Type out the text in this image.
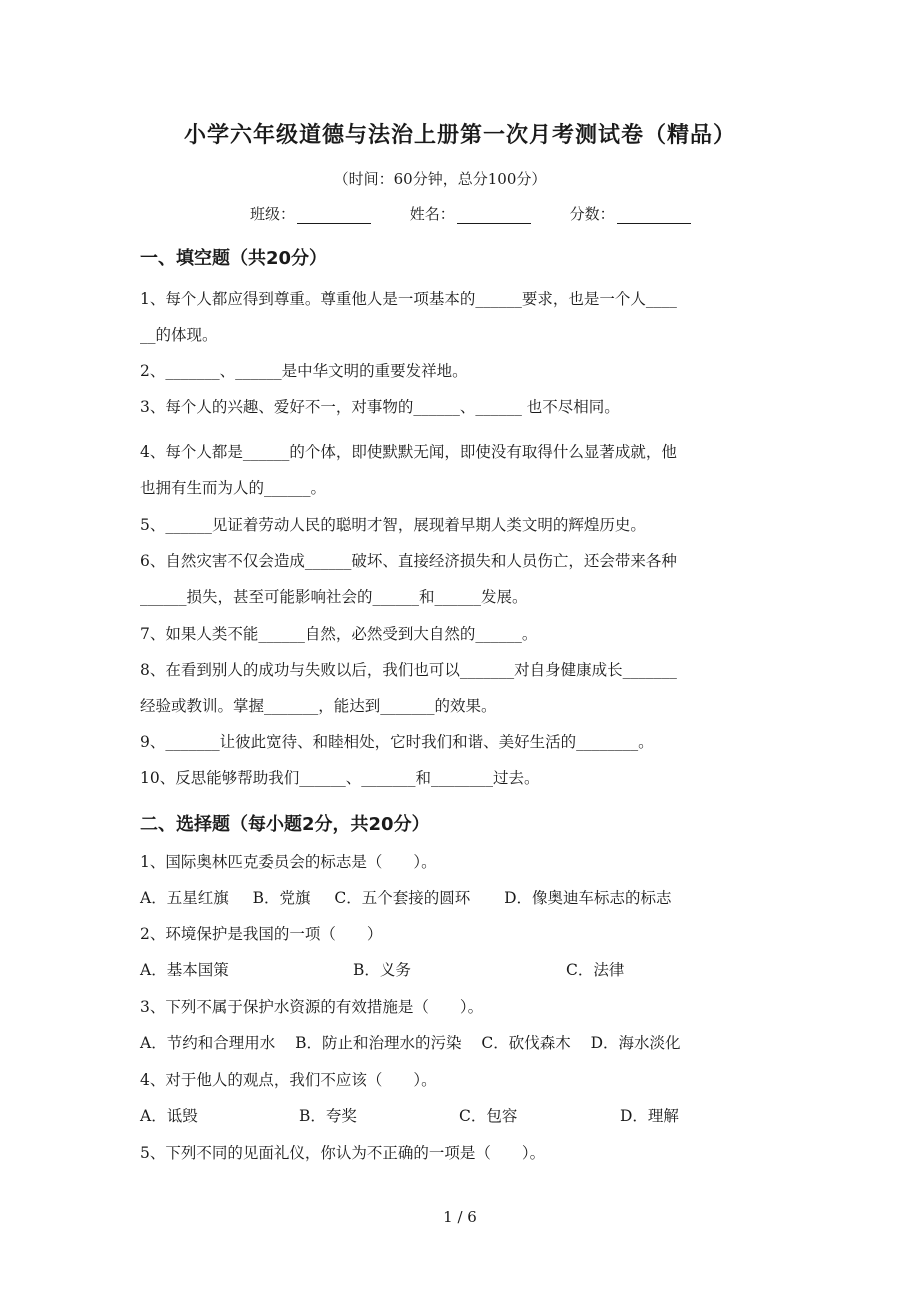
小学六年级道德与法治上册第一次月考测试卷（精品）
（时间：60分钟，总分100分）
班级：	姓名：	分数：
一、填空题（共20分）
1、每个人都应得到尊重。尊重他人是一项基本的______要求，也是一个人____
__的体现。
2、_______、______是中华文明的重要发祥地。
3、每个人的兴趣、爱好不一，对事物的______、______ 也不尽相同。
4、每个人都是______的个体，即使默默无闻，即使没有取得什么显著成就，他
也拥有生而为人的______。
5、______见证着劳动人民的聪明才智，展现着早期人类文明的辉煌历史。
6、自然灾害不仅会造成______破坏、直接经济损失和人员伤亡，还会带来各种
______损失，甚至可能影响社会的______和______发展。
7、如果人类不能______自然，必然受到大自然的______。
8、在看到别人的成功与失败以后，我们也可以_______对自身健康成长_______
经验或教训。掌握_______，能达到_______的效果。
9、_______让彼此宽待、和睦相处，它时我们和谐、美好生活的________。
10、反思能够帮助我们______、_______和________过去。
二、选择题（每小题2分，共20分）
1、国际奥林匹克委员会的标志是（　　）。
A．五星红旗 B．党旗 C．五个套接的圆环 D．像奥迪车标志的标志
2、环境保护是我国的一项（　　）
A．基本国策	B．义务	C．法律
3、下列不属于保护水资源的有效措施是（　　）。
A．节约和合理用水 B．防止和治理水的污染 C．砍伐森木 D．海水淡化
4、对于他人的观点，我们不应该（　　）。
A．诋毁	B．夸奖	C．包容	D．理解
5、下列不同的见面礼仪，你认为不正确的一项是（　　）。
1 / 6
